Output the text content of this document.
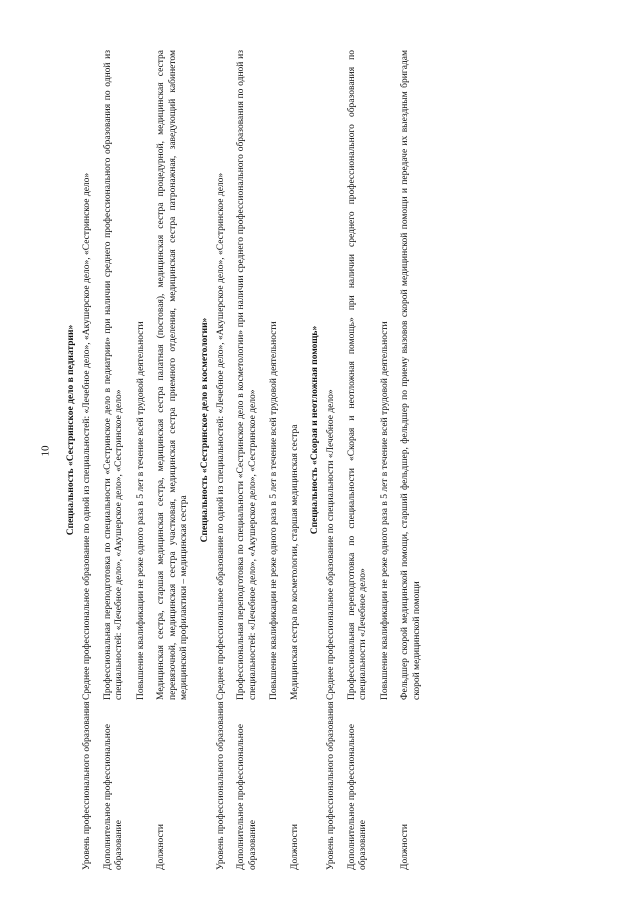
10 Специальность «Сестринское дело в педиатрии»
Уровень профессионального образования
Среднее профессиональное образование по одной из специальностей: «Лечебное дело», «Акушерское дело», «Сестринское дело»
Дополнительное профессиональное образование
Профессиональная переподготовка по специальности «Сестринское дело в педиатрии» при наличии среднего профессионального образования по одной из специальностей: «Лечебное дело», «Акушерское дело», «Сестринское дело» Повышение квалификации не реже одного раза в 5 лет в течение всей трудовой деятельности
Должности
Медицинская сестра, старшая медицинская сестра, медицинская сестра палатная (постовая), медицинская сестра процедурной, медицинская сестра перевязочной, медицинская сестра участковая, медицинская сестра приемного отделения, медицинская сестра патронажная, заведующий кабинетом медицинской профилактики – медицинская сестра
Специальность «Сестринское дело в косметологии»
Уровень профессионального образования
Среднее профессиональное образование по одной из специальностей: «Лечебное дело», «Акушерское дело», «Сестринское дело»
Дополнительное профессиональное образование
Профессиональная переподготовка по специальности «Сестринское дело в косметологии» при наличии среднего профессионального образования по одной из специальностей: «Лечебное дело», «Акушерское дело», «Сестринское дело» Повышение квалификации не реже одного раза в 5 лет в течение всей трудовой деятельности
Должности
Медицинская сестра по косметологии, старшая медицинская сестра Специальность «Скорая и неотложная помощь»
Уровень профессионального образования
Среднее профессиональное образование по специальности «Лечебное дело»
Дополнительное профессиональное образование
Профессиональная переподготовка по специальности «Скорая и неотложная помощь» при наличии среднего профессионального образования по специальности «Лечебное дело» Повышение квалификации не реже одного раза в 5 лет в течение всей трудовой деятельности
Должности
Фельдшер скорой медицинской помощи, старший фельдшер, фельдшер по приему вызовов скорой медицинской помощи и передаче их выездным бригадам скорой медицинской помощи
